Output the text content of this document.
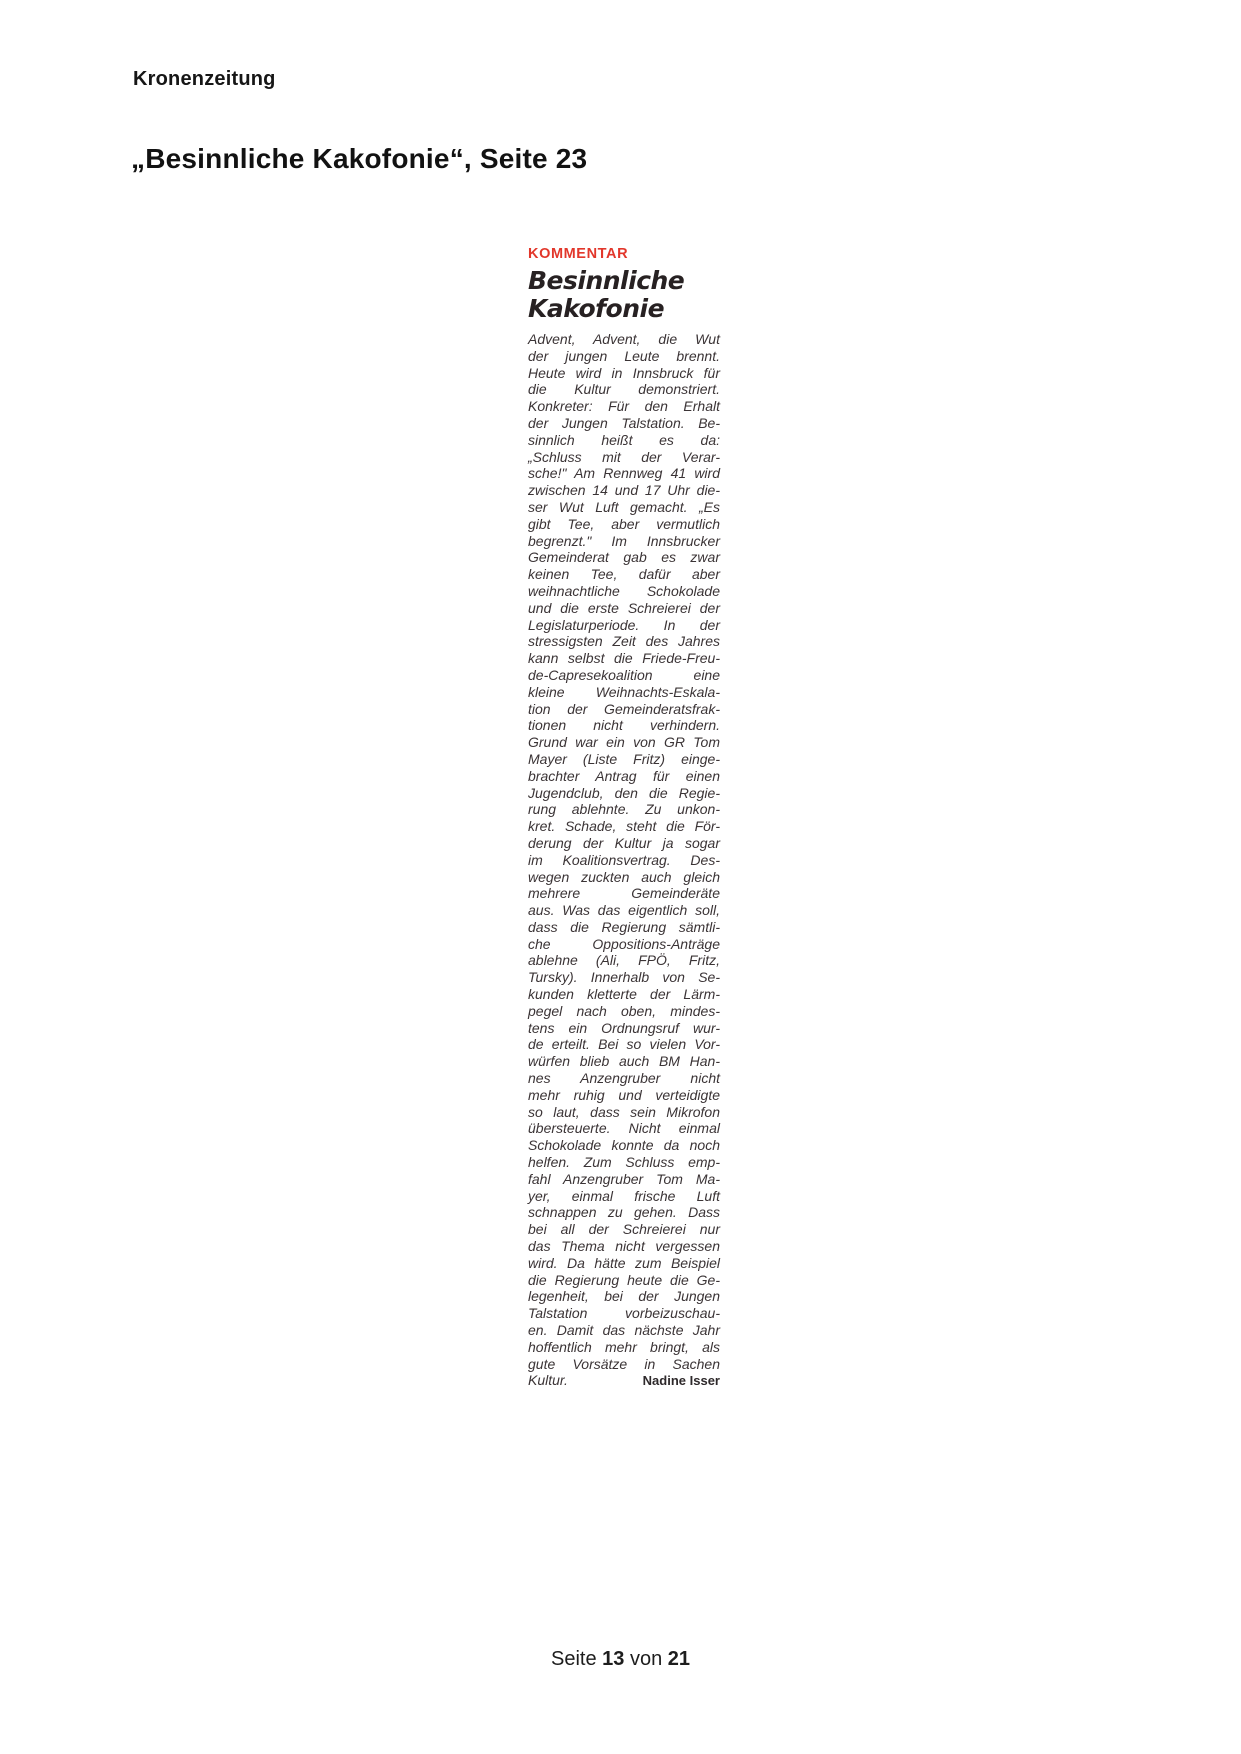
Kronenzeitung
„Besinnliche Kakofonie“, Seite 23
KOMMENTAR
Besinnliche
Kakofonie
Advent, Advent, die Wut
der jungen Leute brennt.
Heute wird in Innsbruck für
die Kultur demonstriert.
Konkreter: Für den Erhalt
der Jungen Talstation. Be-
sinnlich heißt es da:
„Schluss mit der Verar-
sche!" Am Rennweg 41 wird
zwischen 14 und 17 Uhr die-
ser Wut Luft gemacht. „Es
gibt Tee, aber vermutlich
begrenzt." Im Innsbrucker
Gemeinderat gab es zwar
keinen Tee, dafür aber
weihnachtliche Schokolade
und die erste Schreierei der
Legislaturperiode. In der
stressigsten Zeit des Jahres
kann selbst die Friede-Freu-
de-Capresekoalition eine
kleine Weihnachts-Eskala-
tion der Gemeinderatsfrak-
tionen nicht verhindern.
Grund war ein von GR Tom
Mayer (Liste Fritz) einge-
brachter Antrag für einen
Jugendclub, den die Regie-
rung ablehnte. Zu unkon-
kret. Schade, steht die För-
derung der Kultur ja sogar
im Koalitionsvertrag. Des-
wegen zuckten auch gleich
mehrere Gemeinderäte
aus. Was das eigentlich soll,
dass die Regierung sämtli-
che Oppositions-Anträge
ablehne (Ali, FPÖ, Fritz,
Tursky). Innerhalb von Se-
kunden kletterte der Lärm-
pegel nach oben, mindes-
tens ein Ordnungsruf wur-
de erteilt. Bei so vielen Vor-
würfen blieb auch BM Han-
nes Anzengruber nicht
mehr ruhig und verteidigte
so laut, dass sein Mikrofon
übersteuerte. Nicht einmal
Schokolade konnte da noch
helfen. Zum Schluss emp-
fahl Anzengruber Tom Ma-
yer, einmal frische Luft
schnappen zu gehen. Dass
bei all der Schreierei nur
das Thema nicht vergessen
wird. Da hätte zum Beispiel
die Regierung heute die Ge-
legenheit, bei der Jungen
Talstation vorbeizuschau-
en. Damit das nächste Jahr
hoffentlich mehr bringt, als
gute Vorsätze in Sachen
Kultur.	Nadine Isser
Seite 13 von 21
